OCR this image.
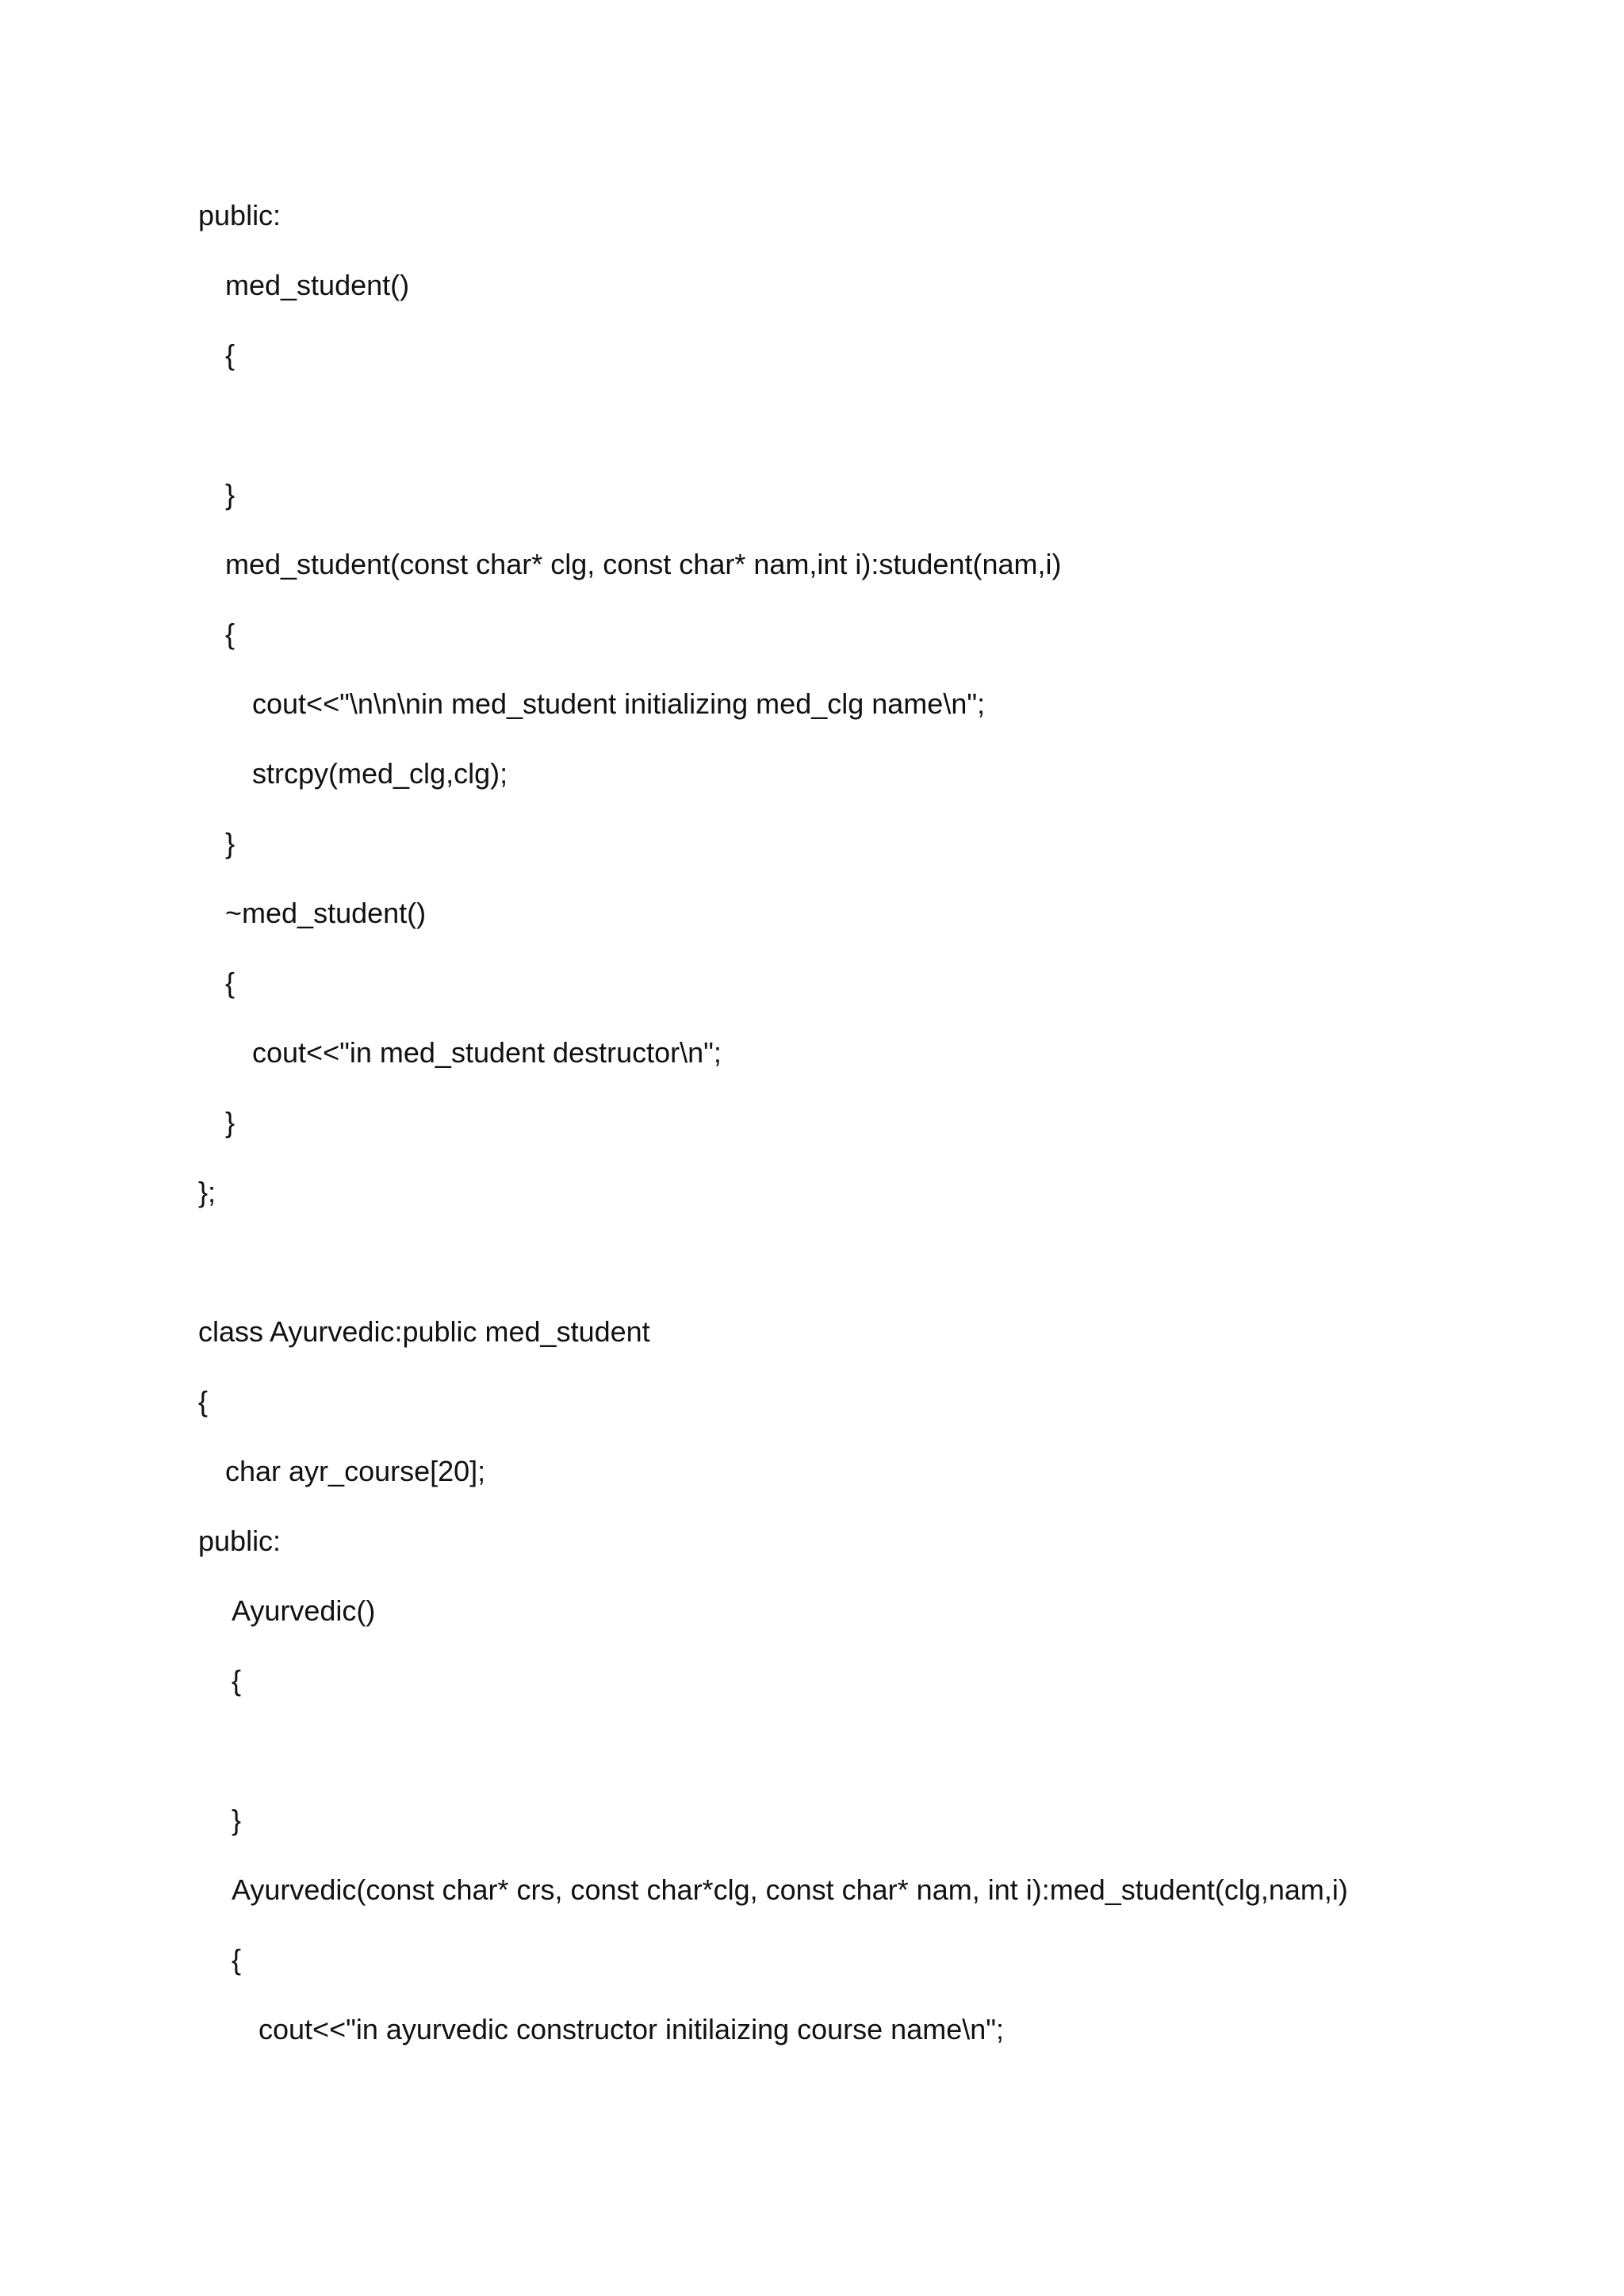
public:
med_student()
{
}
med_student(const char* clg, const char* nam,int i):student(nam,i)
{
cout<<"\n\n\nin med_student initializing med_clg name\n";
strcpy(med_clg,clg);
}
~med_student()
{
cout<<"in med_student destructor\n";
}
};
class Ayurvedic:public med_student
{
char ayr_course[20];
public:
Ayurvedic()
{
}
Ayurvedic(const char* crs, const char*clg, const char* nam, int i):med_student(clg,nam,i)
{
cout<<"in ayurvedic constructor initilaizing course name\n";
